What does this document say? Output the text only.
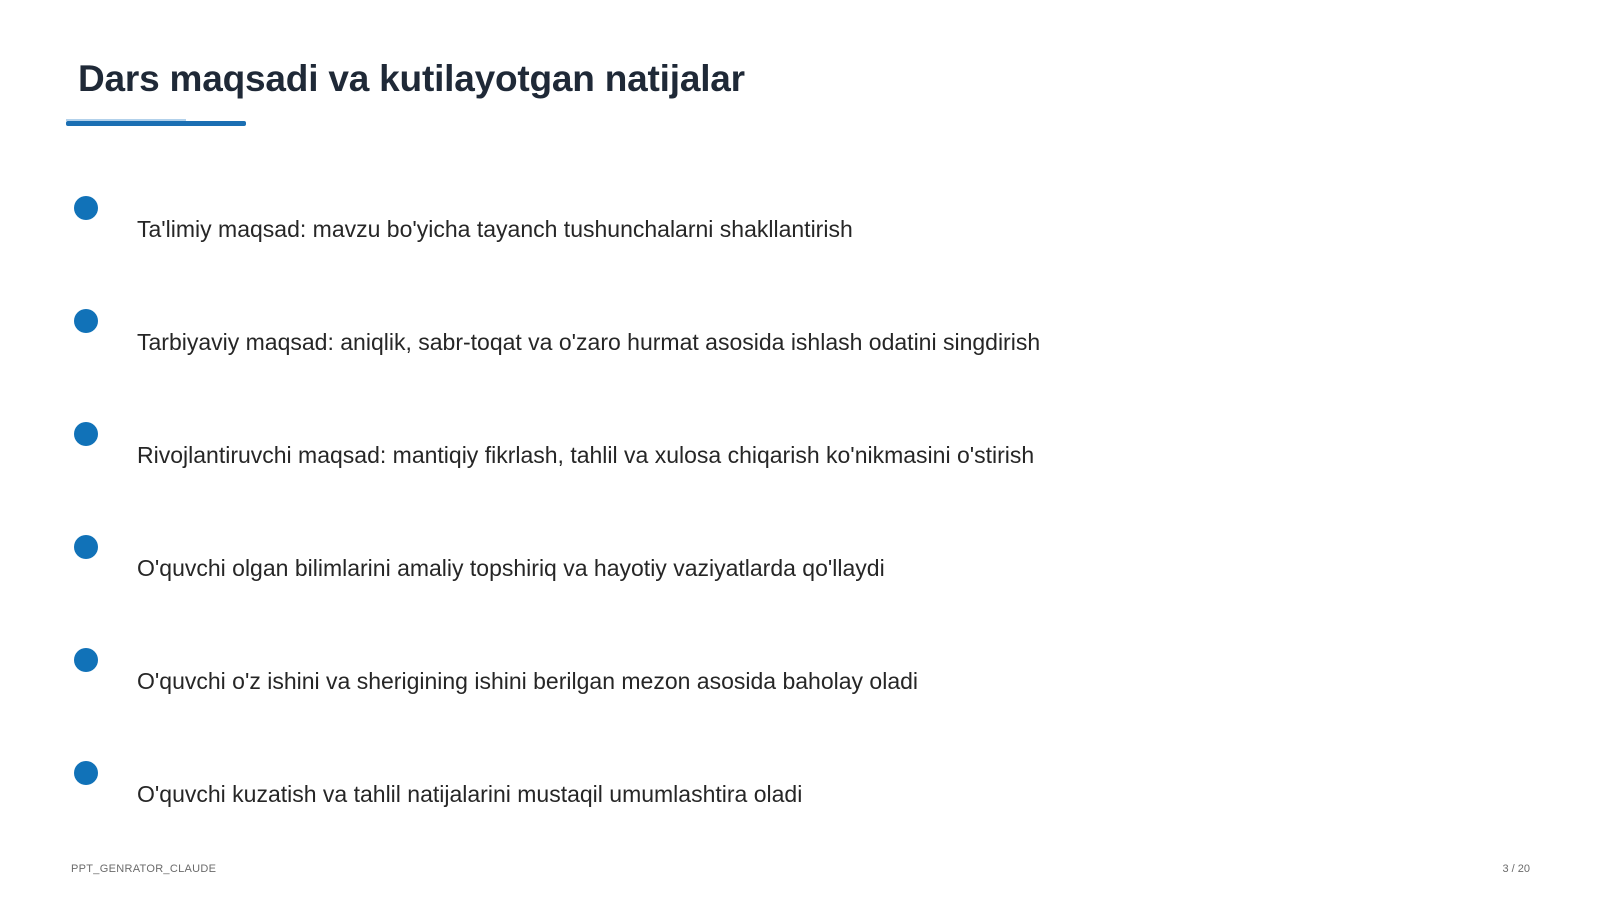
Dars maqsadi va kutilayotgan natijalar
Ta'limiy maqsad: mavzu bo'yicha tayanch tushunchalarni shakllantirish
Tarbiyaviy maqsad: aniqlik, sabr-toqat va o'zaro hurmat asosida ishlash odatini singdirish
Rivojlantiruvchi maqsad: mantiqiy fikrlash, tahlil va xulosa chiqarish ko'nikmasini o'stirish
O'quvchi olgan bilimlarini amaliy topshiriq va hayotiy vaziyatlarda qo'llaydi
O'quvchi o'z ishini va sherigining ishini berilgan mezon asosida baholay oladi
O'quvchi kuzatish va tahlil natijalarini mustaqil umumlashtira oladi
PPT_GENRATOR_CLAUDE	3 / 20
